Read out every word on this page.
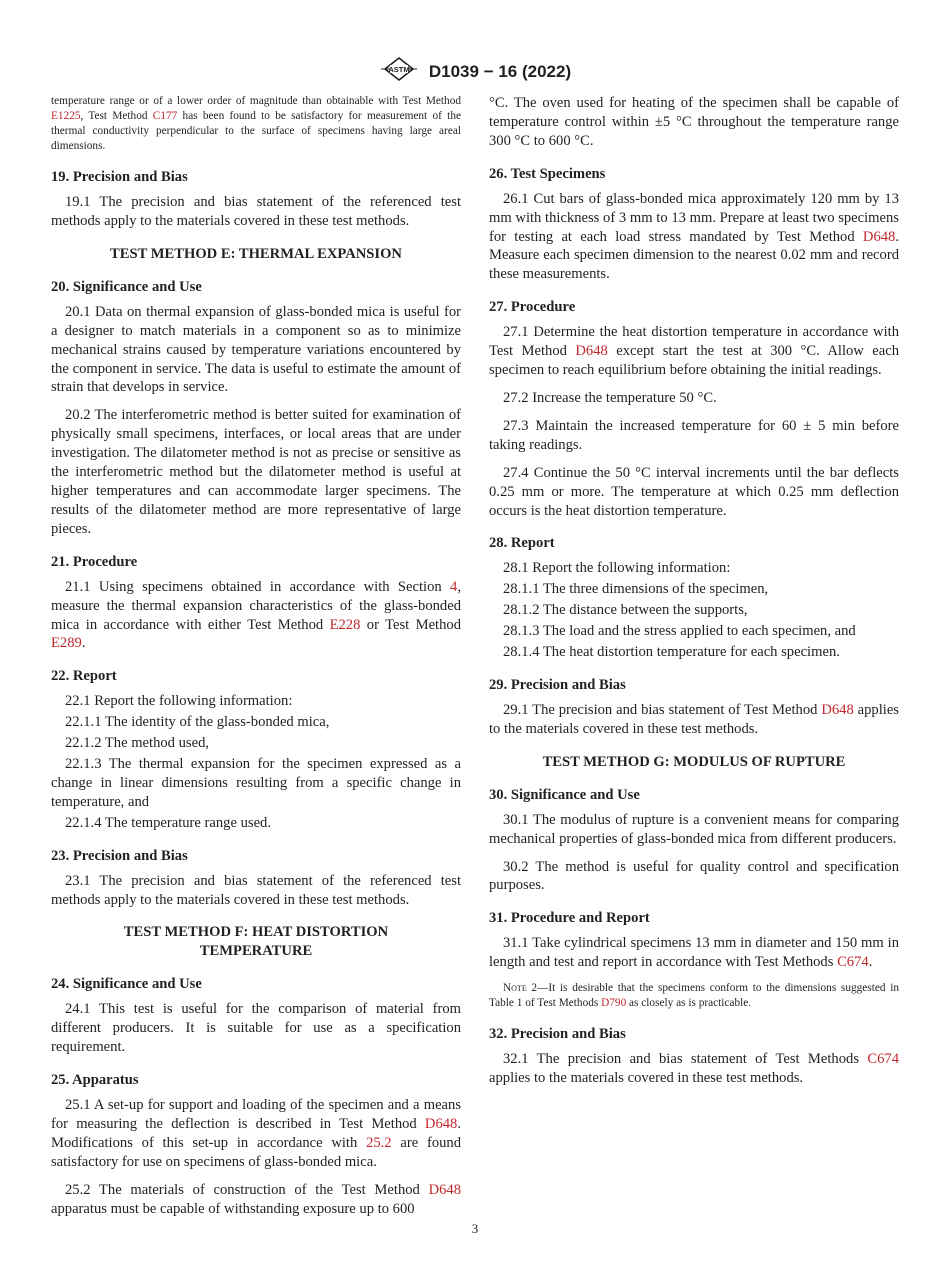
ASTM D1039 − 16 (2022)

temperature range or of a lower order of magnitude than obtainable with Test Method E1225, Test Method C177 has been found to be satisfactory for measurement of the thermal conductivity perpendicular to the surface of specimens having large areal dimensions.

19. Precision and Bias

19.1 The precision and bias statement of the referenced test methods apply to the materials covered in these test methods.

TEST METHOD E: THERMAL EXPANSION
20. Significance and Use

20.1 Data on thermal expansion of glass-bonded mica is useful for a designer to match materials in a component so as to minimize mechanical strains caused by temperature variations encountered by the component in service. The data is useful to estimate the amount of strain that develops in service.

20.2 The interferometric method is better suited for examination of physically small specimens, interfaces, or local areas that are under investigation. The dilatometer method is not as precise or sensitive as the interferometric method but the dilatometer method is useful at higher temperatures and can accommodate larger specimens. The results of the dilatometer method are more representative of large pieces.

21. Procedure

21.1 Using specimens obtained in accordance with Section 4, measure the thermal expansion characteristics of the glass-bonded mica in accordance with either Test Method E228 or Test Method E289.

22. Report

22.1 Report the following information:

22.1.1 The identity of the glass-bonded mica,

22.1.2 The method used,

22.1.3 The thermal expansion for the specimen expressed as a change in linear dimensions resulting from a specific change in temperature, and

22.1.4 The temperature range used.

23. Precision and Bias

23.1 The precision and bias statement of the referenced test methods apply to the materials covered in these test methods.

TEST METHOD F: HEAT DISTORTION
TEMPERATURE
24. Significance and Use

24.1 This test is useful for the comparison of material from different producers. It is suitable for use as a specification requirement.

25. Apparatus

25.1 A set-up for support and loading of the specimen and a means for measuring the deflection is described in Test Method D648. Modifications of this set-up in accordance with 25.2 are found satisfactory for use on specimens of glass-bonded mica.

25.2 The materials of construction of the Test Method D648 apparatus must be capable of withstanding exposure up to 600

°C. The oven used for heating of the specimen shall be capable of temperature control within ±5 °C throughout the temperature range 300 °C to 600 °C.

26. Test Specimens

26.1 Cut bars of glass-bonded mica approximately 120 mm by 13 mm with thickness of 3 mm to 13 mm. Prepare at least two specimens for testing at each load stress mandated by Test Method D648. Measure each specimen dimension to the nearest 0.02 mm and record these measurements.

27. Procedure

27.1 Determine the heat distortion temperature in accordance with Test Method D648 except start the test at 300 °C. Allow each specimen to reach equilibrium before obtaining the initial readings.

27.2 Increase the temperature 50 °C.

27.3 Maintain the increased temperature for 60 ± 5 min before taking readings.

27.4 Continue the 50 °C interval increments until the bar deflects 0.25 mm or more. The temperature at which 0.25 mm deflection occurs is the heat distortion temperature.

28. Report

28.1 Report the following information:

28.1.1 The three dimensions of the specimen,

28.1.2 The distance between the supports,

28.1.3 The load and the stress applied to each specimen, and

28.1.4 The heat distortion temperature for each specimen.

29. Precision and Bias

29.1 The precision and bias statement of Test Method D648 applies to the materials covered in these test methods.

TEST METHOD G: MODULUS OF RUPTURE
30. Significance and Use

30.1 The modulus of rupture is a convenient means for comparing mechanical properties of glass-bonded mica from different producers.

30.2 The method is useful for quality control and specification purposes.

31. Procedure and Report

31.1 Take cylindrical specimens 13 mm in diameter and 150 mm in length and test and report in accordance with Test Methods C674.

Note 2—It is desirable that the specimens conform to the dimensions suggested in Table 1 of Test Methods D790 as closely as is practicable.

32. Precision and Bias

32.1 The precision and bias statement of Test Methods C674 applies to the materials covered in these test methods.

3
